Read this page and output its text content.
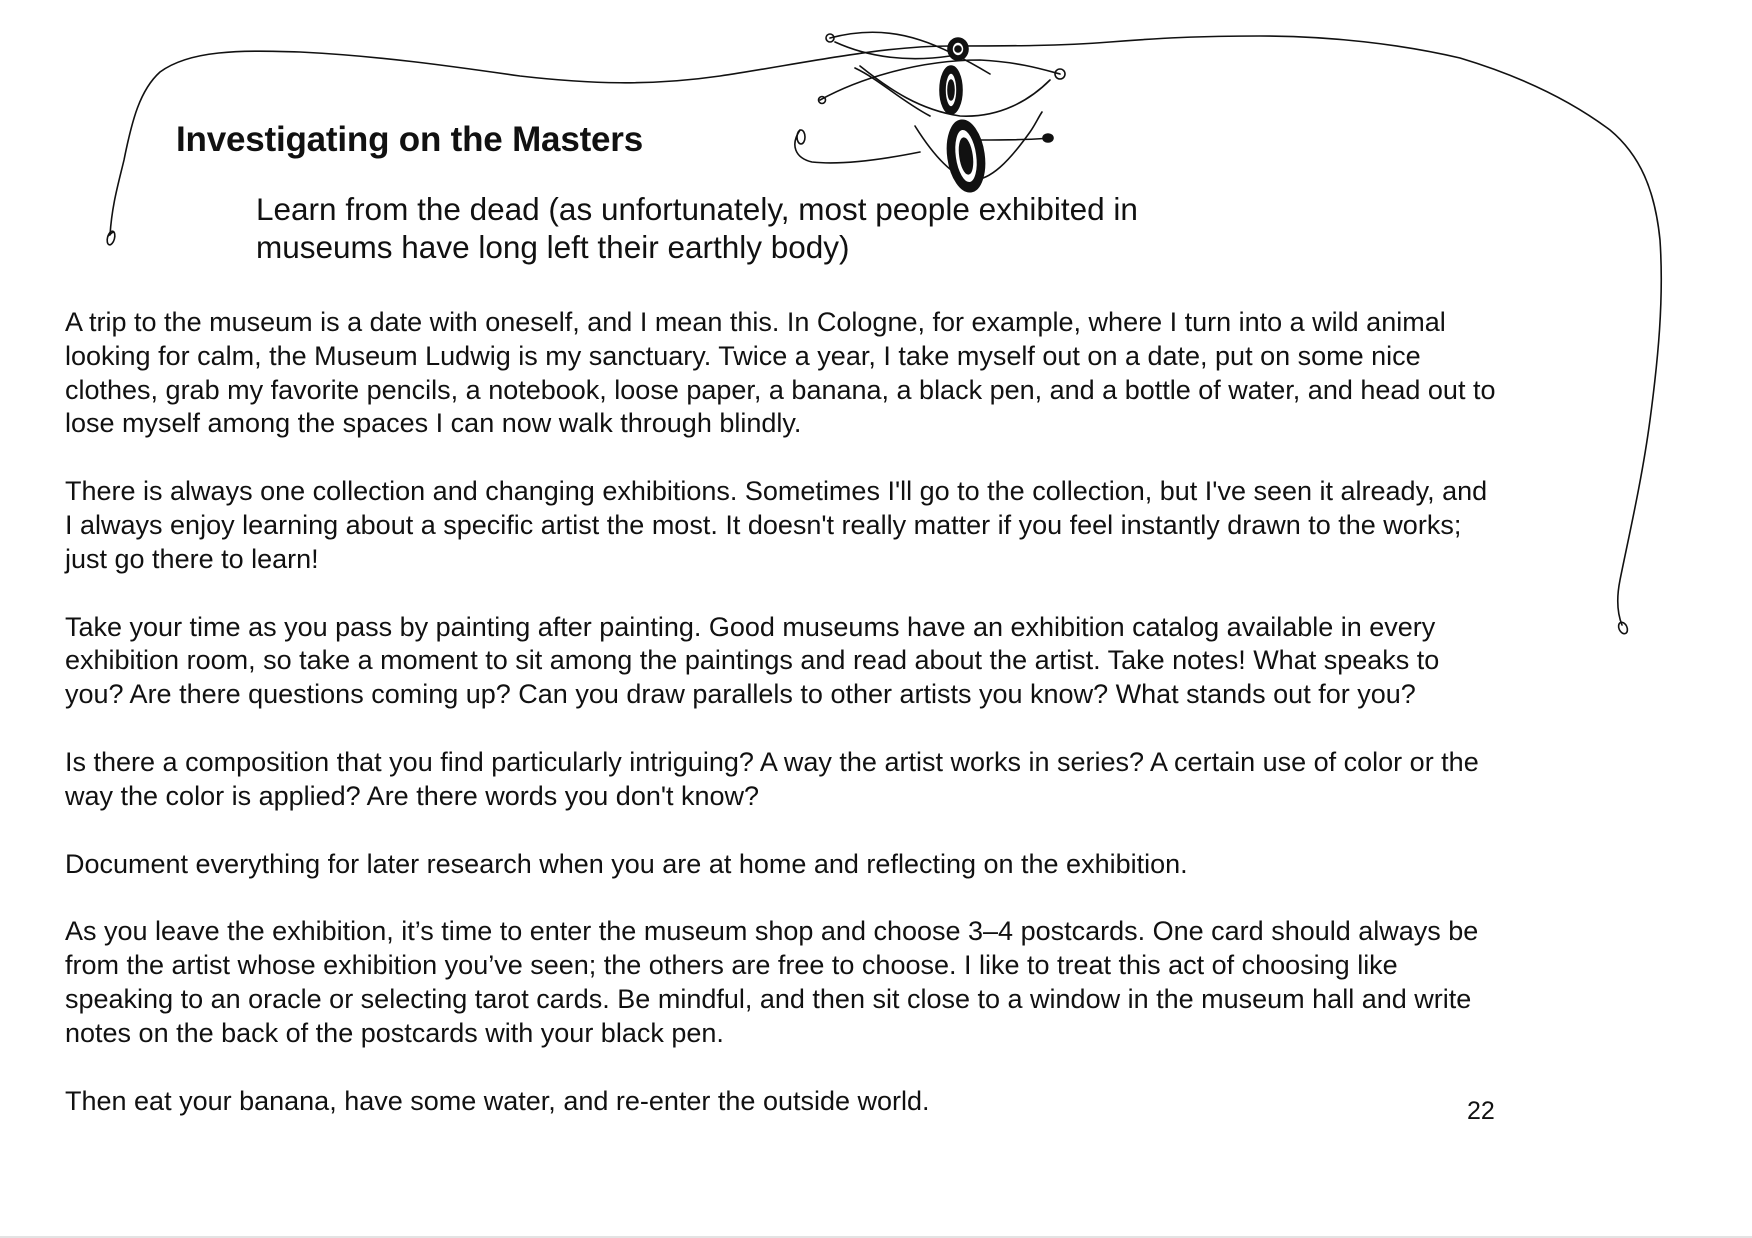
Investigating on the Masters

Learn from the dead (as unfortunately, most people exhibited in
museums have long left their earthly body)

A trip to the museum is a date with oneself, and I mean this. In Cologne, for example, where I turn into a wild animal
looking for calm, the Museum Ludwig is my sanctuary. Twice a year, I take myself out on a date, put on some nice
clothes, grab my favorite pencils, a notebook, loose paper, a banana, a black pen, and a bottle of water, and head out to
lose myself among the spaces I can now walk through blindly.

There is always one collection and changing exhibitions. Sometimes I'll go to the collection, but I've seen it already, and
I always enjoy learning about a specific artist the most. It doesn't really matter if you feel instantly drawn to the works;
just go there to learn!

Take your time as you pass by painting after painting. Good museums have an exhibition catalog available in every
exhibition room, so take a moment to sit among the paintings and read about the artist. Take notes! What speaks to
you? Are there questions coming up? Can you draw parallels to other artists you know? What stands out for you?

Is there a composition that you find particularly intriguing? A way the artist works in series? A certain use of color or the
way the color is applied? Are there words you don't know?

Document everything for later research when you are at home and reflecting on the exhibition.

As you leave the exhibition, it’s time to enter the museum shop and choose 3–4 postcards. One card should always be
from the artist whose exhibition you’ve seen; the others are free to choose. I like to treat this act of choosing like
speaking to an oracle or selecting tarot cards. Be mindful, and then sit close to a window in the museum hall and write
notes on the back of the postcards with your black pen.

Then eat your banana, have some water, and re-enter the outside world.	22
